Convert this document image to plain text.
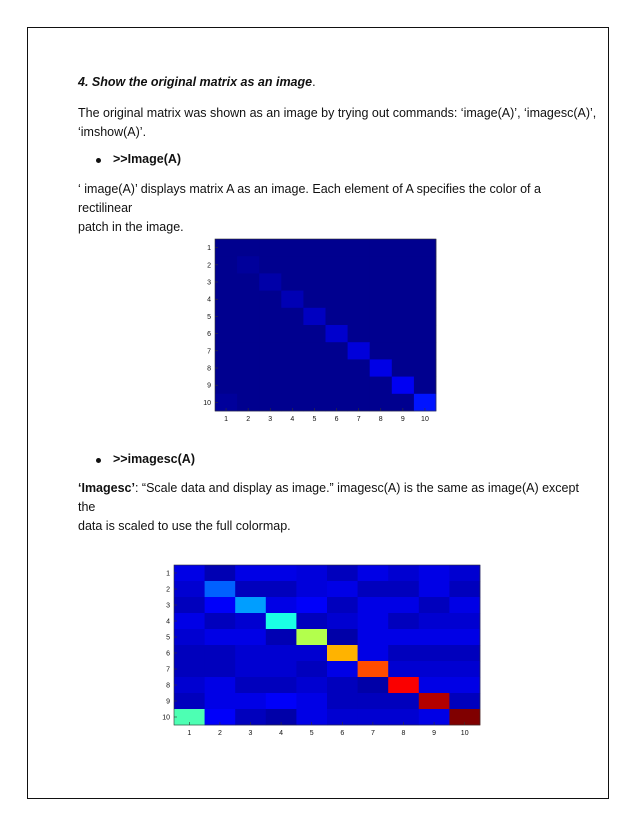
4. Show the original matrix as an image.
The original matrix was shown as an image by trying out commands: ‘image(A)’, ‘imagesc(A)’,
‘imshow(A)’.
>>Image(A)
‘ image(A)’ displays matrix A as an image. Each element of A specifies the color of a rectilinear
patch in the image.
1
2
3
4
5
6
7
8
9
10
1	2	3	4	5	6	7	8	9 10
>>imagesc(A)
‘Imagesc’: “Scale data and display as image.” imagesc(A) is the same as image(A) except the
data is scaled to use the full colormap.
1
2
3
4
5
6
7
8
9
10
1	2	3	4	5	6	7	8	9	10
